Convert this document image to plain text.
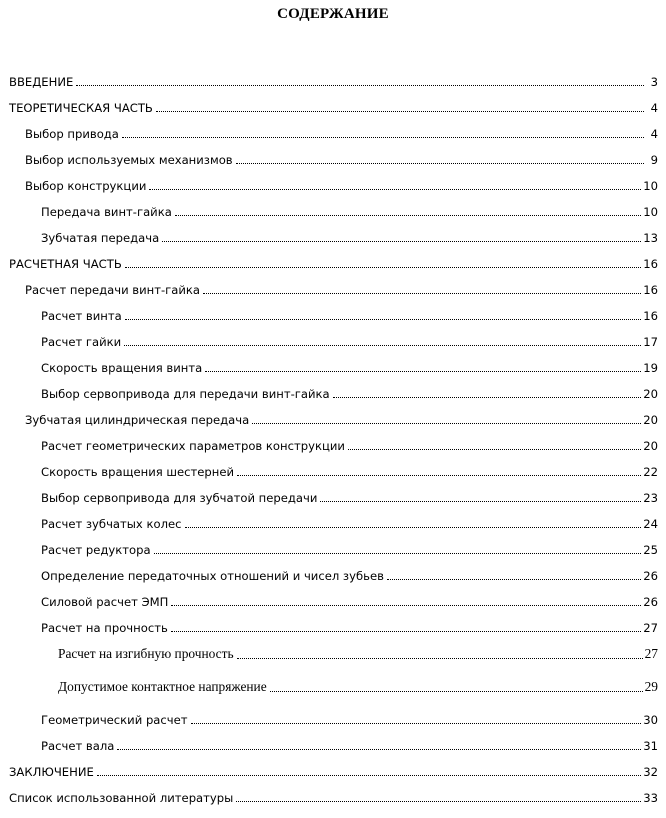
СОДЕРЖАНИЕ
ВВЕДЕНИЕ	3
ТЕОРЕТИЧЕСКАЯ ЧАСТЬ	4
Выбор привода	4
Выбор используемых механизмов	9
Выбор конструкции	10
Передача винт-гайка	10
Зубчатая передача	13
РАСЧЕТНАЯ ЧАСТЬ	16
Расчет передачи винт-гайка	16
Расчет винта	16
Расчет гайки	17
Скорость вращения винта	19
Выбор сервопривода для передачи винт-гайка	20
Зубчатая цилиндрическая передача	20
Расчет геометрических параметров конструкции	20
Скорость вращения шестерней	22
Выбор сервопривода для зубчатой передачи	23
Расчет зубчатых колес	24
Расчет редуктора	25
Определение передаточных отношений и чисел зубьев	26
Силовой расчет ЭМП	26
Расчет на прочность	27
Расчет на изгибную прочность	27
Допустимое контактное напряжение	29
Геометрический расчет	30
Расчет вала	31
ЗАКЛЮЧЕНИЕ	32
Список использованной литературы	33
